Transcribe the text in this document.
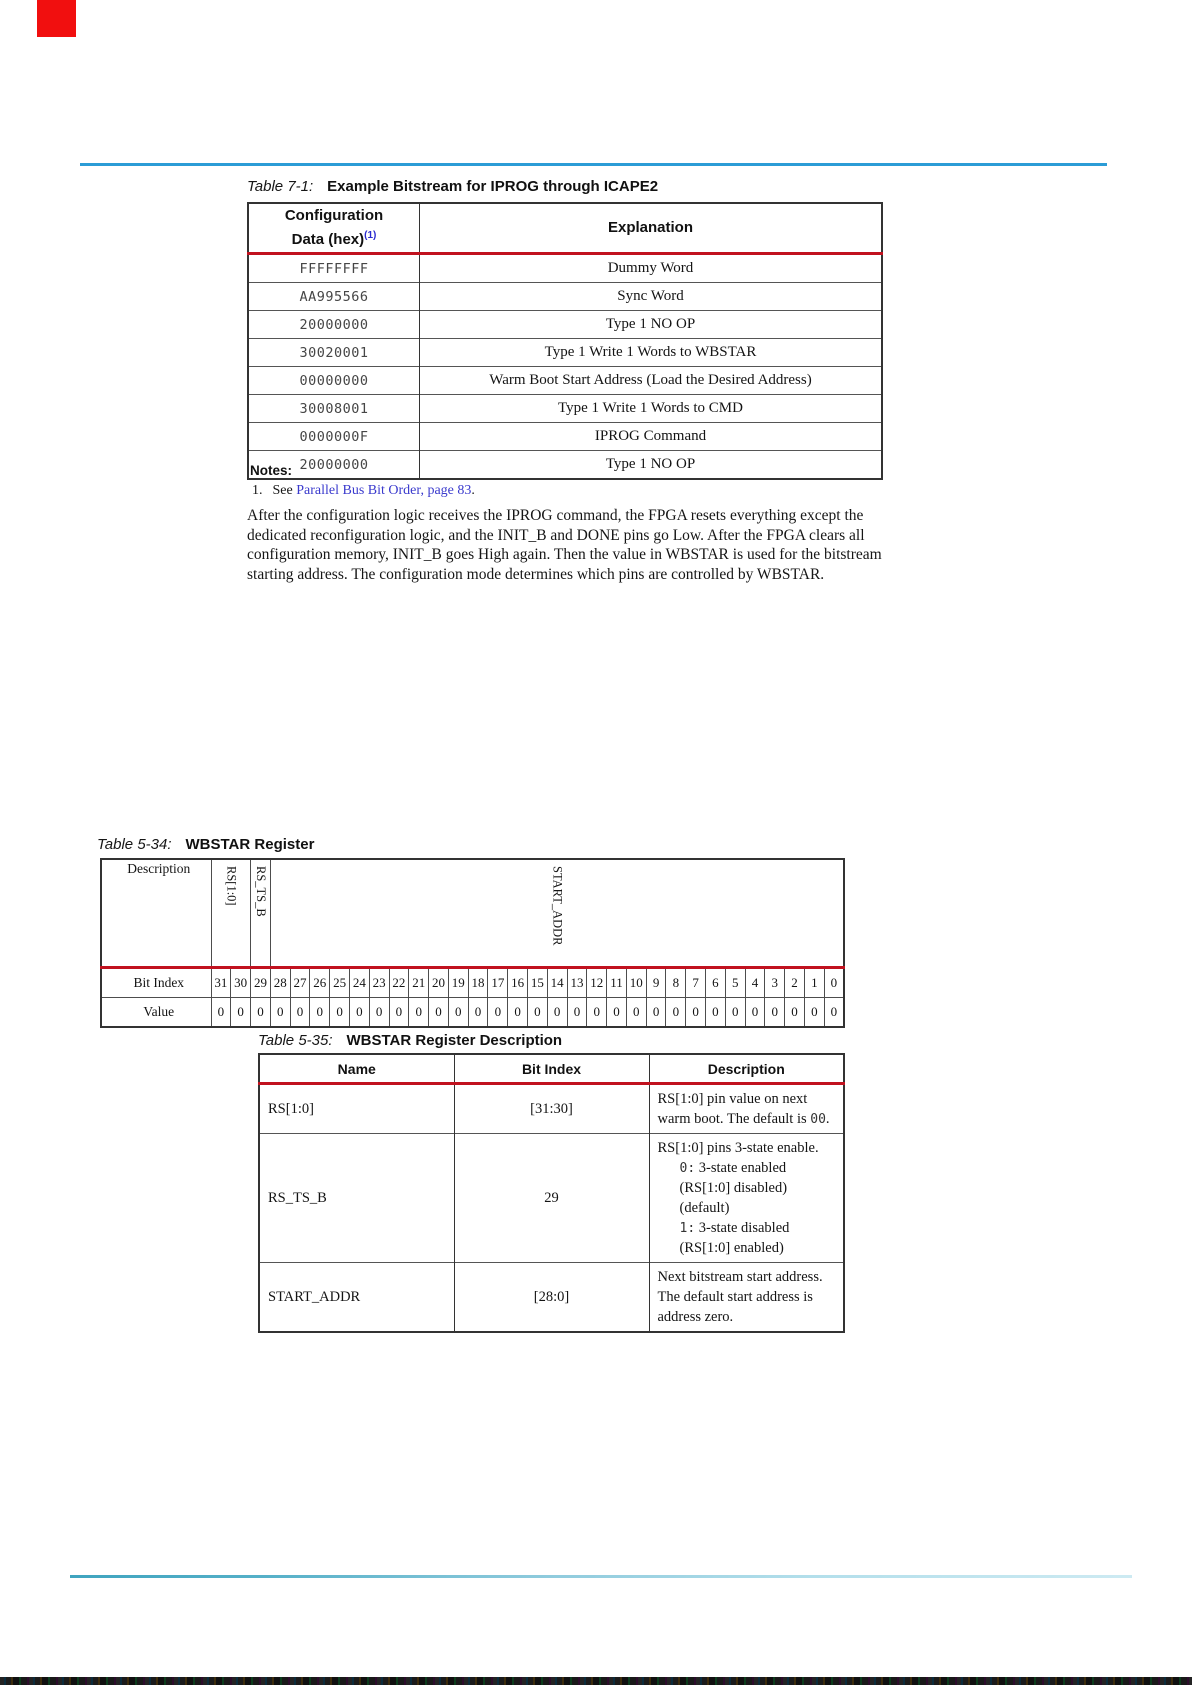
Table 7-1: Example Bitstream for IPROG through ICAPE2
Configuration
Data (hex)$^{(1)}$	Explanation
FFFFFFFF	Dummy Word
AA995566	Sync Word
20000000	Type 1 NO OP
30020001	Type 1 Write 1 Words to WBSTAR
00000000	Warm Boot Start Address (Load the Desired Address)
30008001	Type 1 Write 1 Words to CMD
0000000F	IPROG Command
20000000	Type 1 NO OP
Notes:
1. See Parallel Bus Bit Order, page 83.

After the configuration logic receives the IPROG command, the FPGA resets everything except the dedicated reconfiguration logic, and the INIT_B and DONE pins go Low. After the FPGA clears all configuration memory, INIT_B goes High again. Then the value in WBSTAR is used for the bitstream starting address. The configuration mode determines which pins are controlled by WBSTAR.

Table 5-34: WBSTAR Register
Description	RS[1:0]		RS_TS_B	START_ADDR																												
Bit Index	31	30	29	28	27	26	25	24	23	22	21	20	19	18	17	16	15	14	13	12	11	10	9	8	7	6	5	4	3	2	1	0
Value	0	0	0	0	0	0	0	0	0	0	0	0	0	0	0	0	0	0	0	0	0	0	0	0	0	0	0	0	0	0	0	0
Table 5-35: WBSTAR Register Description
Name	Bit Index	Description
RS[1:0]	[31:30]	RS[1:0] pin value on next warm boot. The default is 00.

RS_TS_B	29	RS[1:0] pins 3-state enable.
0: 3-state enabled (RS[1:0] disabled) (default)
1: 3-state disabled (RS[1:0] enabled)

START_ADDR	[28:0]	Next bitstream start address. The default start address is address zero.
